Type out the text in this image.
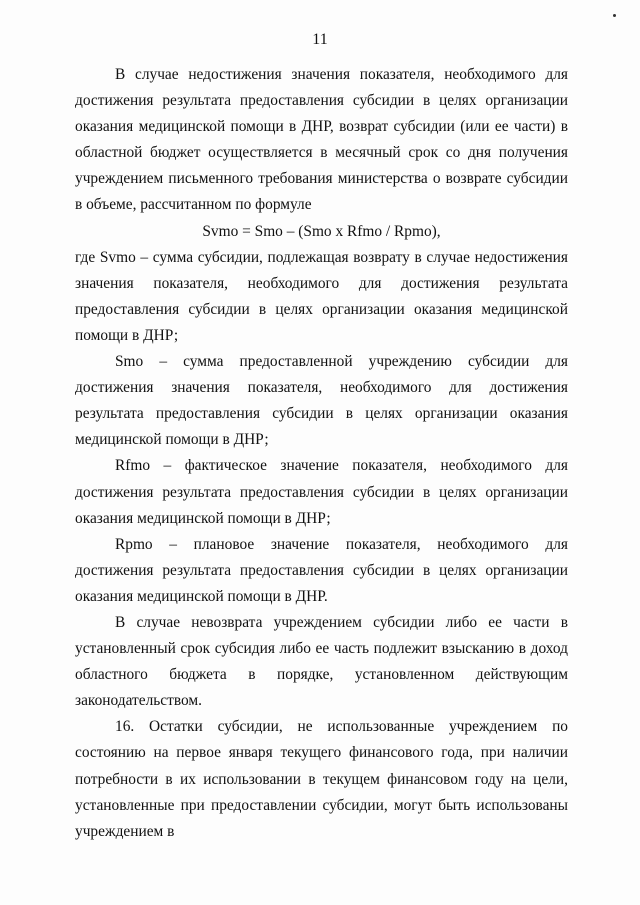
11

В случае недостижения значения показателя, необходимого для достижения результата предоставления субсидии в целях организации оказания медицинской помощи в ДНР, возврат субсидии (или ее части) в областной бюджет осуществляется в месячный срок со дня получения учреждением письменного требования министерства о возврате субсидии в объеме, рассчитанном по формуле

Svmo = Smo – (Smo x Rfmo / Rpmo),

где Svmo – сумма субсидии, подлежащая возврату в случае недостижения значения показателя, необходимого для достижения результата предоставления субсидии в целях организации оказания медицинской помощи в ДНР;

Smo – сумма предоставленной учреждению субсидии для достижения значения показателя, необходимого для достижения результата предоставления субсидии в целях организации оказания медицинской помощи в ДНР;

Rfmo – фактическое значение показателя, необходимого для достижения результата предоставления субсидии в целях организации оказания медицинской помощи в ДНР;

Rpmo – плановое значение показателя, необходимого для достижения результата предоставления субсидии в целях организации оказания медицинской помощи в ДНР.

В случае невозврата учреждением субсидии либо ее части в установленный срок субсидия либо ее часть подлежит взысканию в доход областного бюджета в порядке, установленном действующим законодательством.

16. Остатки субсидии, не использованные учреждением по состоянию на первое января текущего финансового года, при наличии потребности в их использовании в текущем финансовом году на цели, установленные при предоставлении субсидии, могут быть использованы учреждением в
